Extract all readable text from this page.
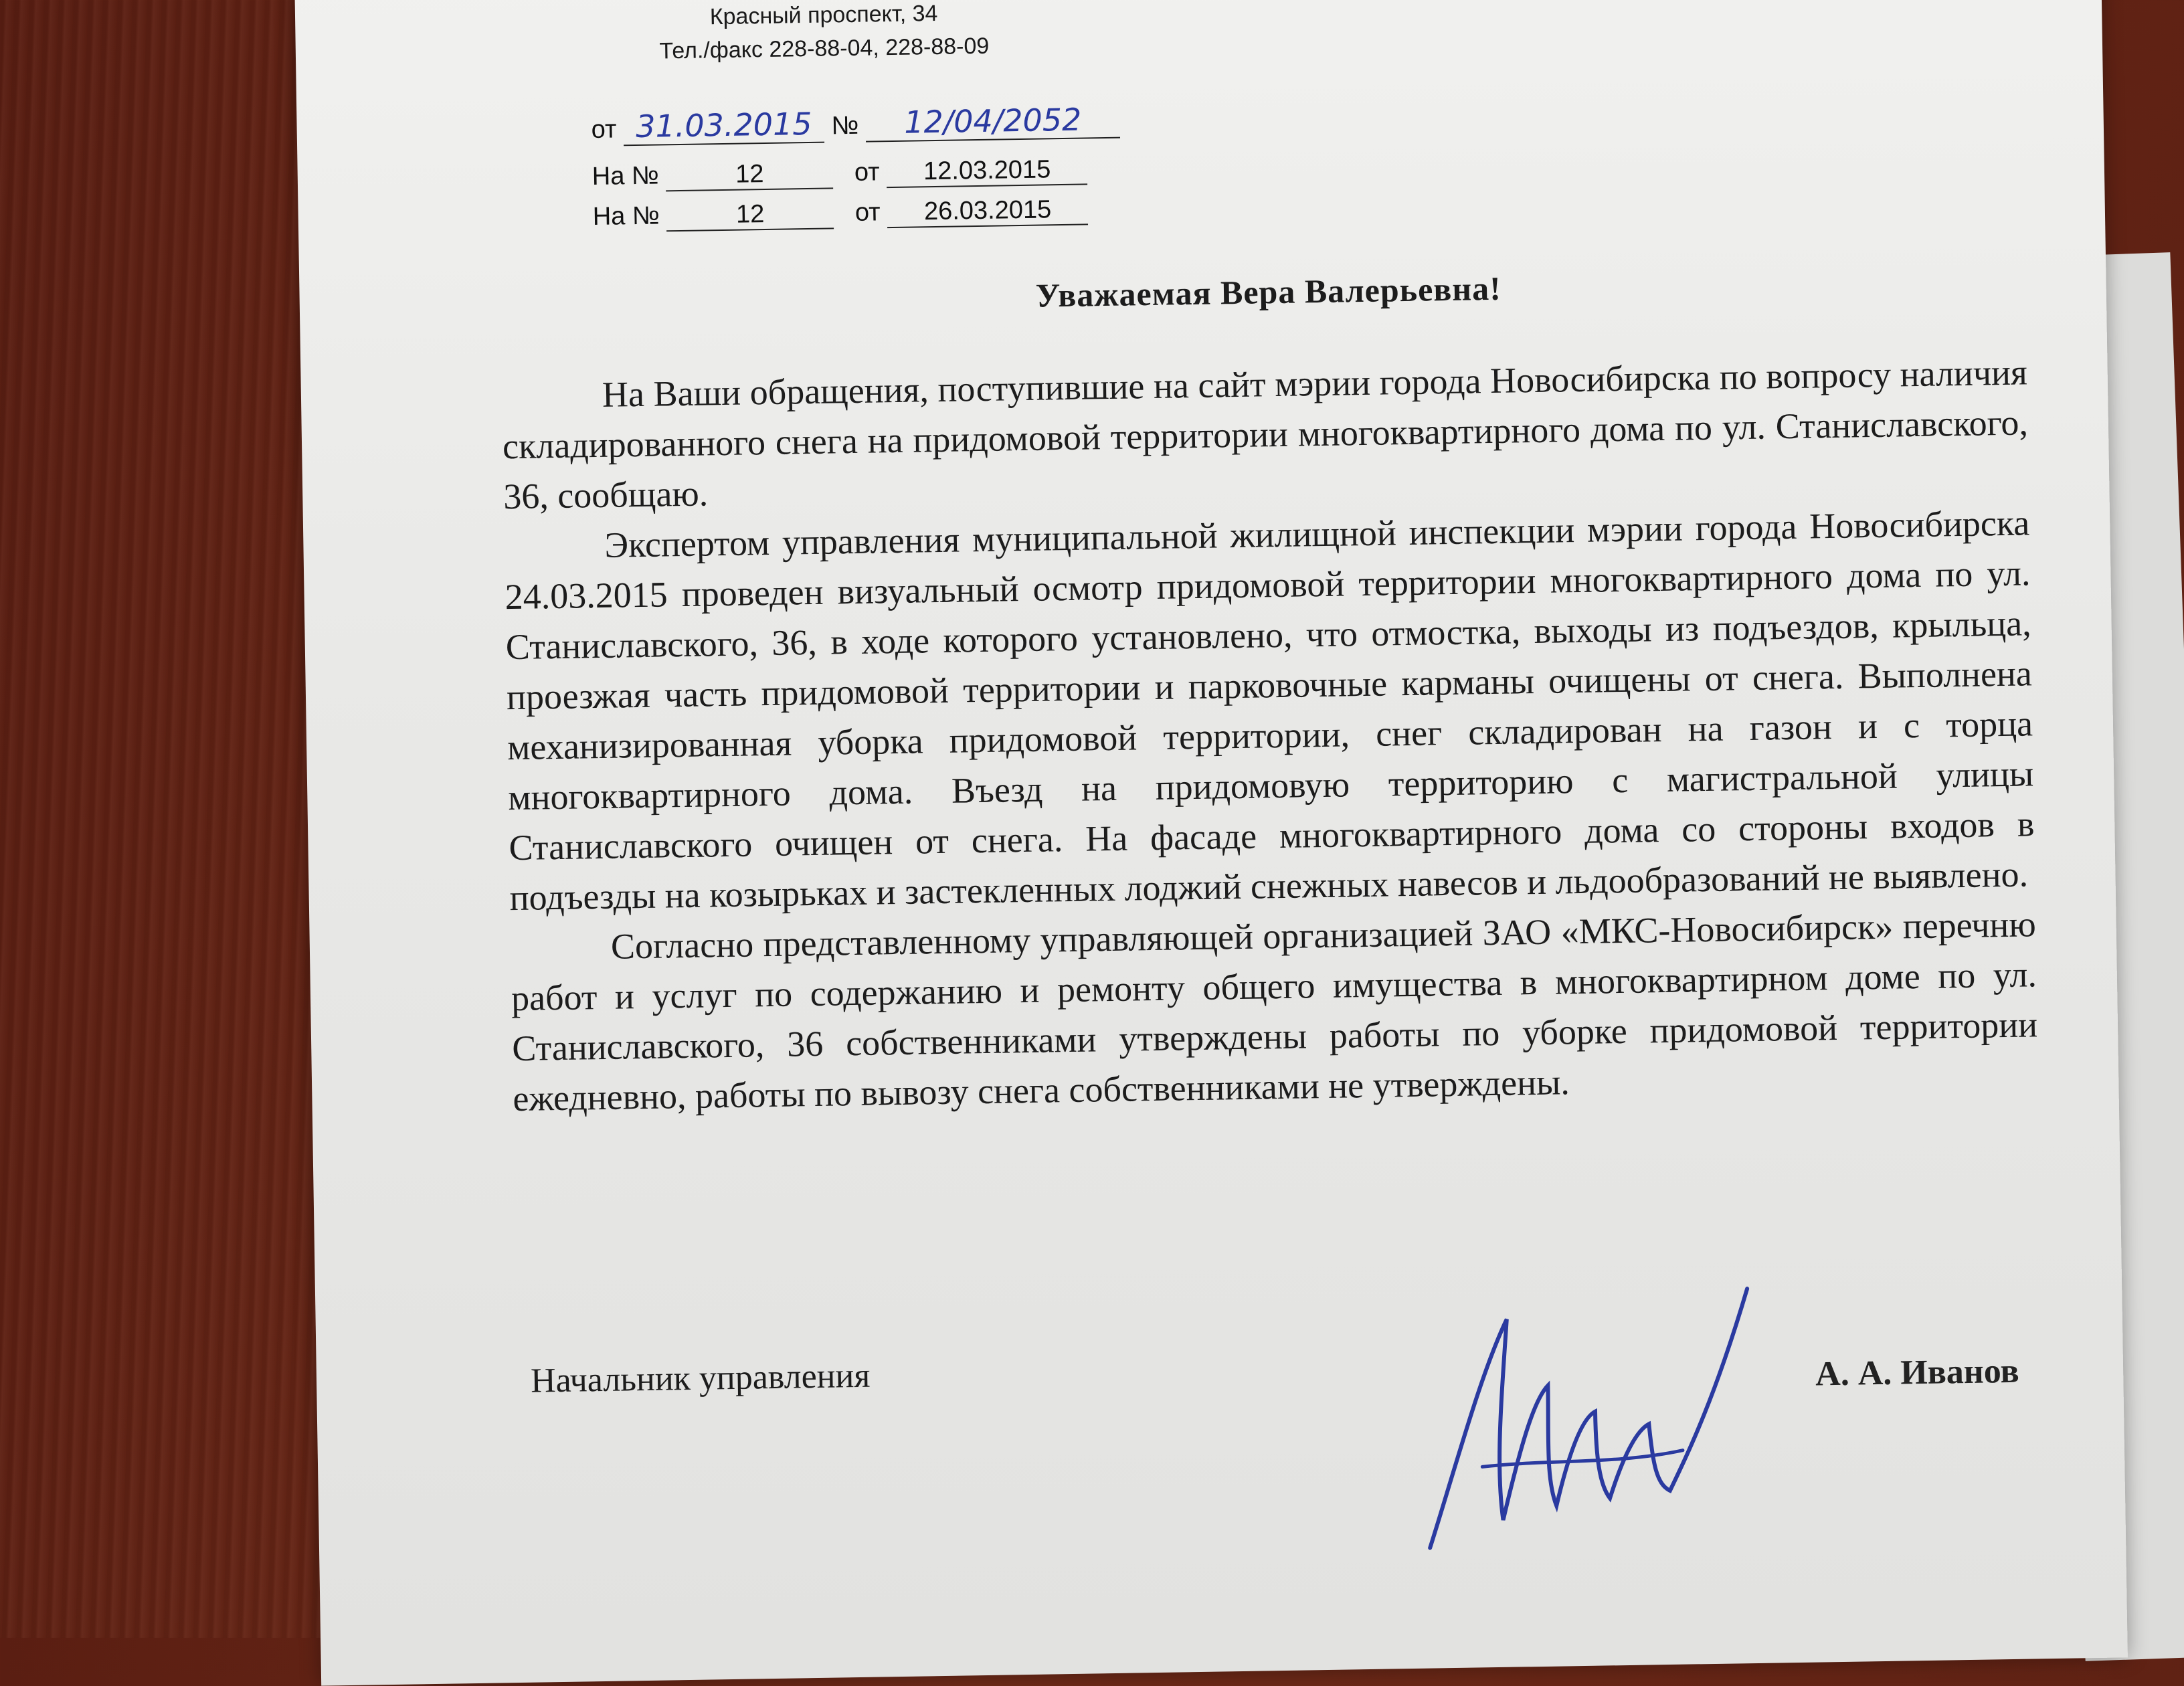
Красный проспект, 34
Тел./факс 228-88-04, 228-88-09
от 31.03.2015 № 12/04/2052
На №	12	от 12.03.2015
На №	12	от 26.03.2015
Уважаемая Вера Валерьевна!

На Ваши обращения, поступившие на сайт мэрии города Новосибирска по вопросу наличия складированного снега на придомовой территории многоквартирного дома по ул. Станиславского, 36, сообщаю.

Экспертом управления муниципальной жилищной инспекции мэрии города Новосибирска 24.03.2015 проведен визуальный осмотр придомовой территории многоквартирного дома по ул. Станиславского, 36, в ходе которого установлено, что отмостка, выходы из подъездов, крыльца, проезжая часть придомовой территории и парковочные карманы очищены от снега. Выполнена механизированная уборка придомовой территории, снег складирован на газон и с торца многоквартирного дома. Въезд на придомовую территорию с магистральной улицы Станиславского очищен от снега. На фасаде многоквартирного дома со стороны входов в подъезды на козырьках и застекленных лоджий снежных навесов и льдообразований не выявлено.

Согласно представленному управляющей организацией ЗАО «МКС-Новосибирск» перечню работ и услуг по содержанию и ремонту общего имущества в многоквартирном доме по ул. Станиславского, 36 собственниками утверждены работы по уборке придомовой территории ежедневно, работы по вывозу снега собственниками не утверждены.

Начальник управления	А. А. Иванов
